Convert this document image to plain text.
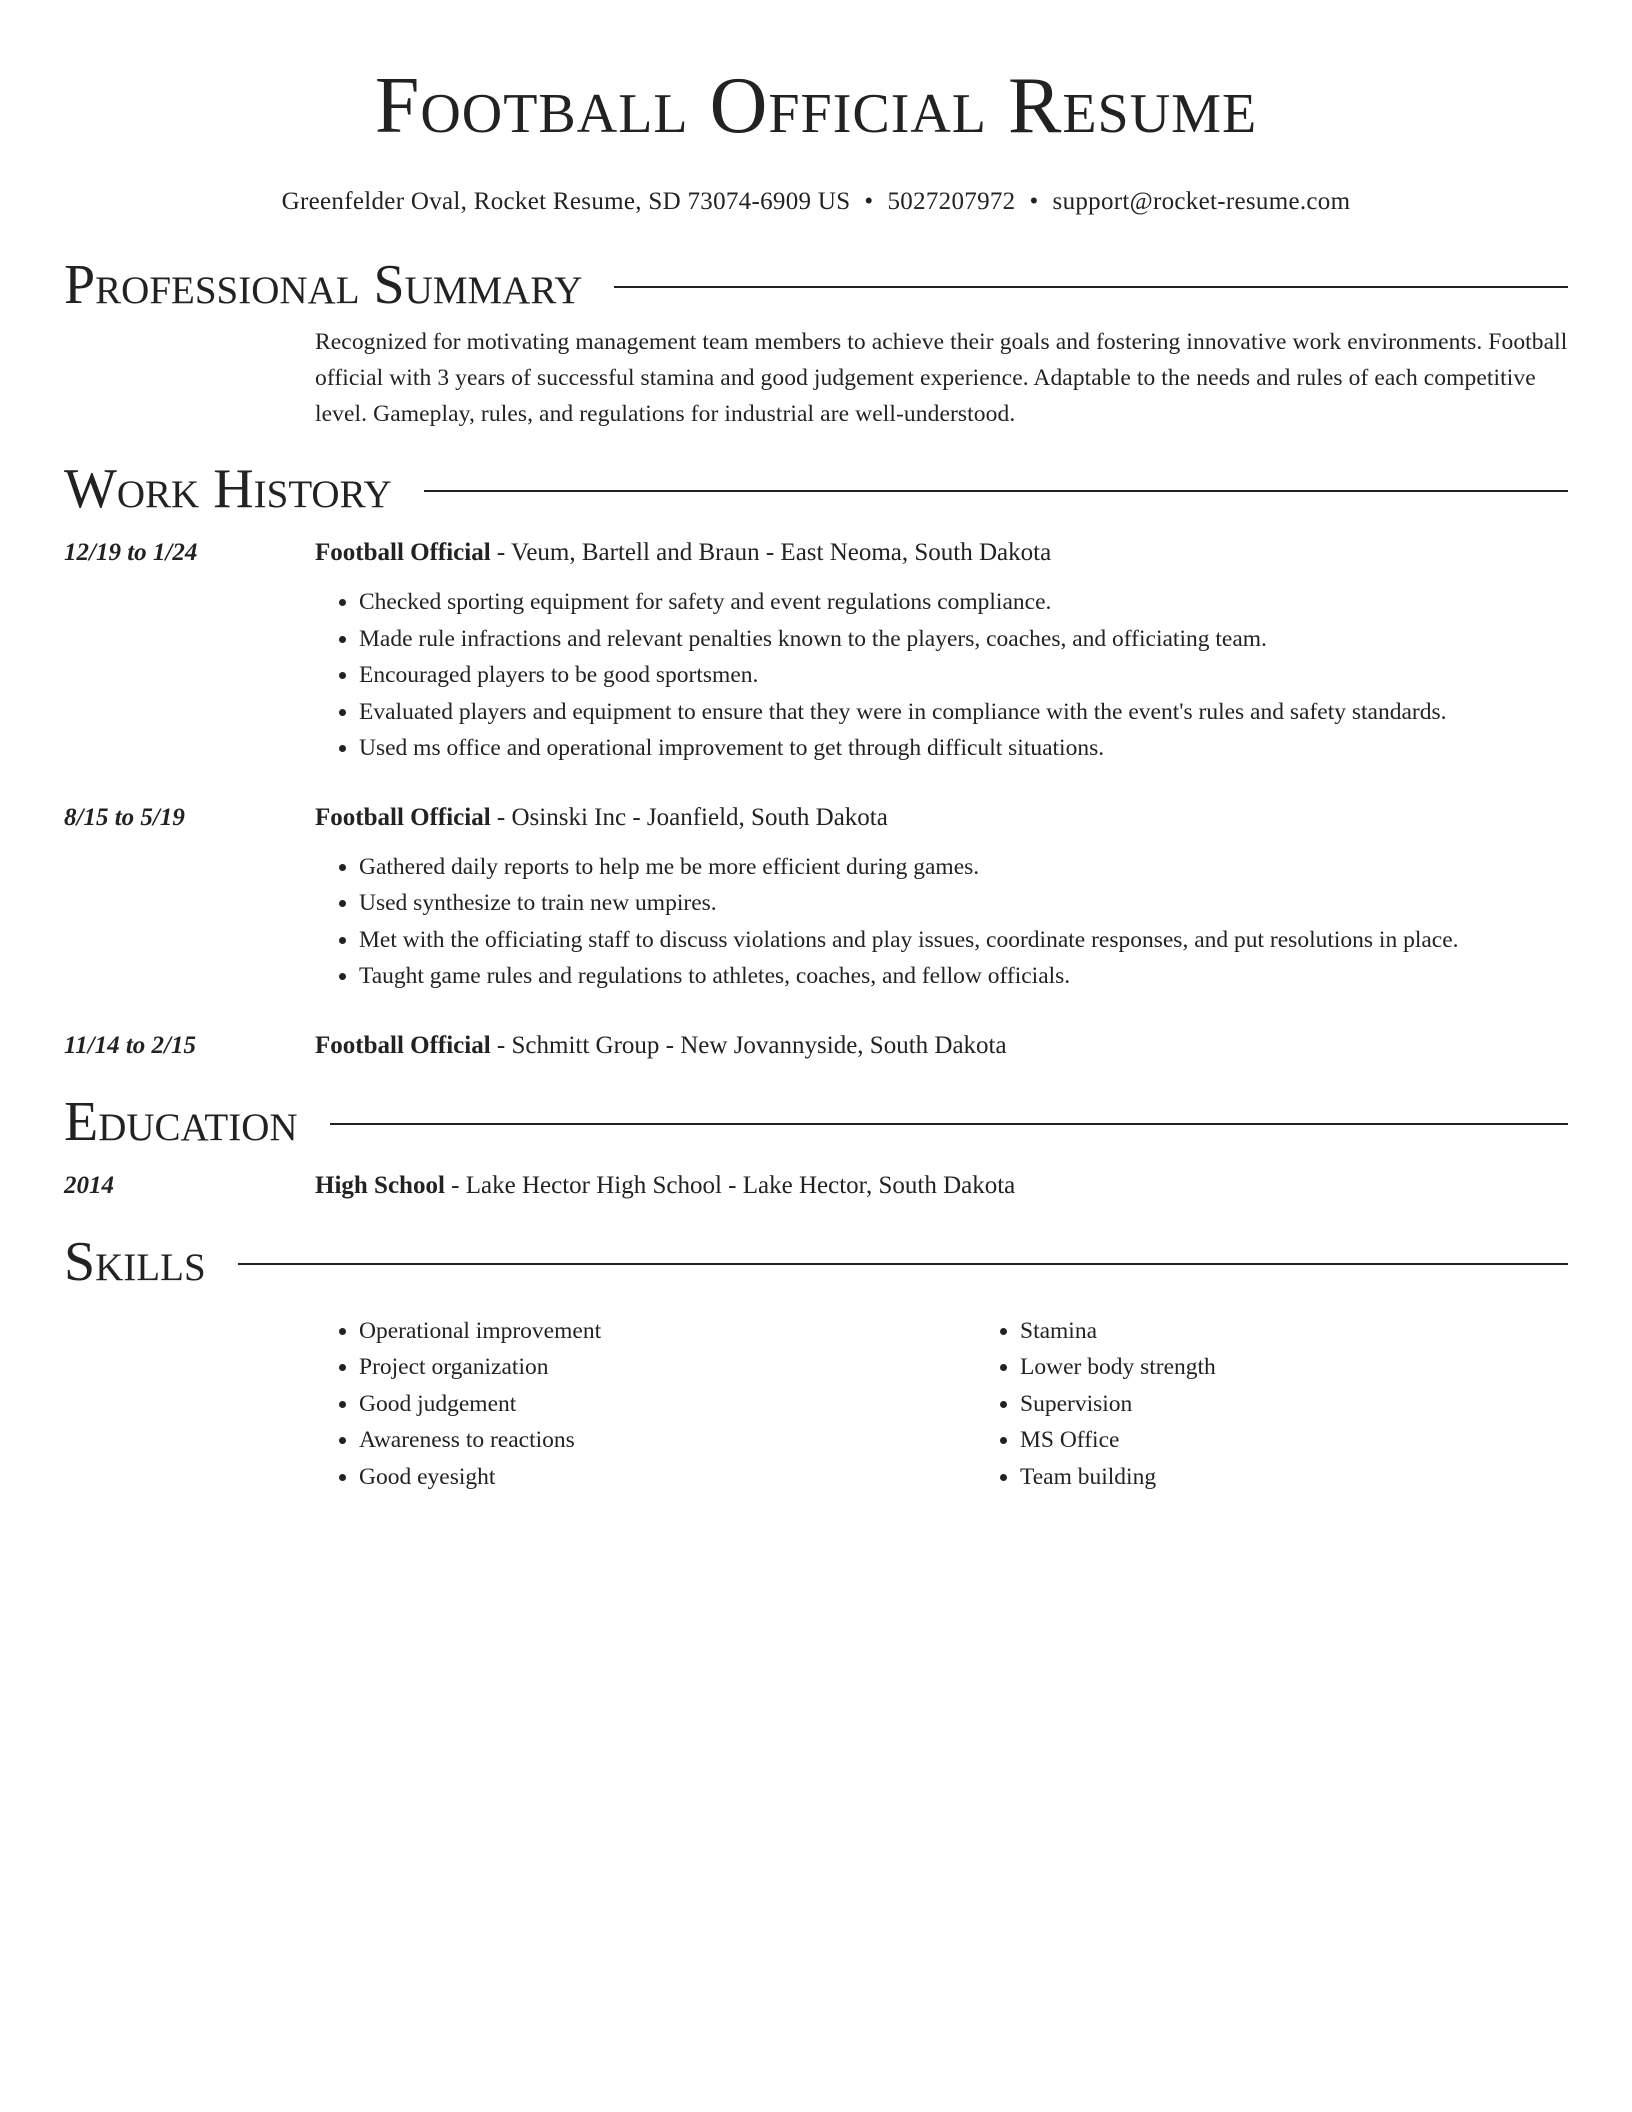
Football Official Resume
Greenfelder Oval, Rocket Resume, SD 73074-6909 US • 5027207972 • support@rocket-resume.com
Professional Summary
Recognized for motivating management team members to achieve their goals and fostering innovative work environments. Football official with 3 years of successful stamina and good judgement experience. Adaptable to the needs and rules of each competitive level. Gameplay, rules, and regulations for industrial are well-understood.
Work History
12/19 to 1/24	Football Official - Veum, Bartell and Braun - East Neoma, South Dakota
• Checked sporting equipment for safety and event regulations compliance.
• Made rule infractions and relevant penalties known to the players, coaches, and officiating team.
• Encouraged players to be good sportsmen.
• Evaluated players and equipment to ensure that they were in compliance with the event's rules and safety standards.
• Used ms office and operational improvement to get through difficult situations.
8/15 to 5/19	Football Official - Osinski Inc - Joanfield, South Dakota
• Gathered daily reports to help me be more efficient during games.
• Used synthesize to train new umpires.
• Met with the officiating staff to discuss violations and play issues, coordinate responses, and put resolutions in place.
• Taught game rules and regulations to athletes, coaches, and fellow officials.
11/14 to 2/15	Football Official - Schmitt Group - New Jovannyside, South Dakota
Education
2014	High School - Lake Hector High School - Lake Hector, South Dakota
Skills
• Operational improvement
• Project organization
• Good judgement
• Awareness to reactions
• Good eyesight
• Stamina
• Lower body strength
• Supervision
• MS Office
• Team building
